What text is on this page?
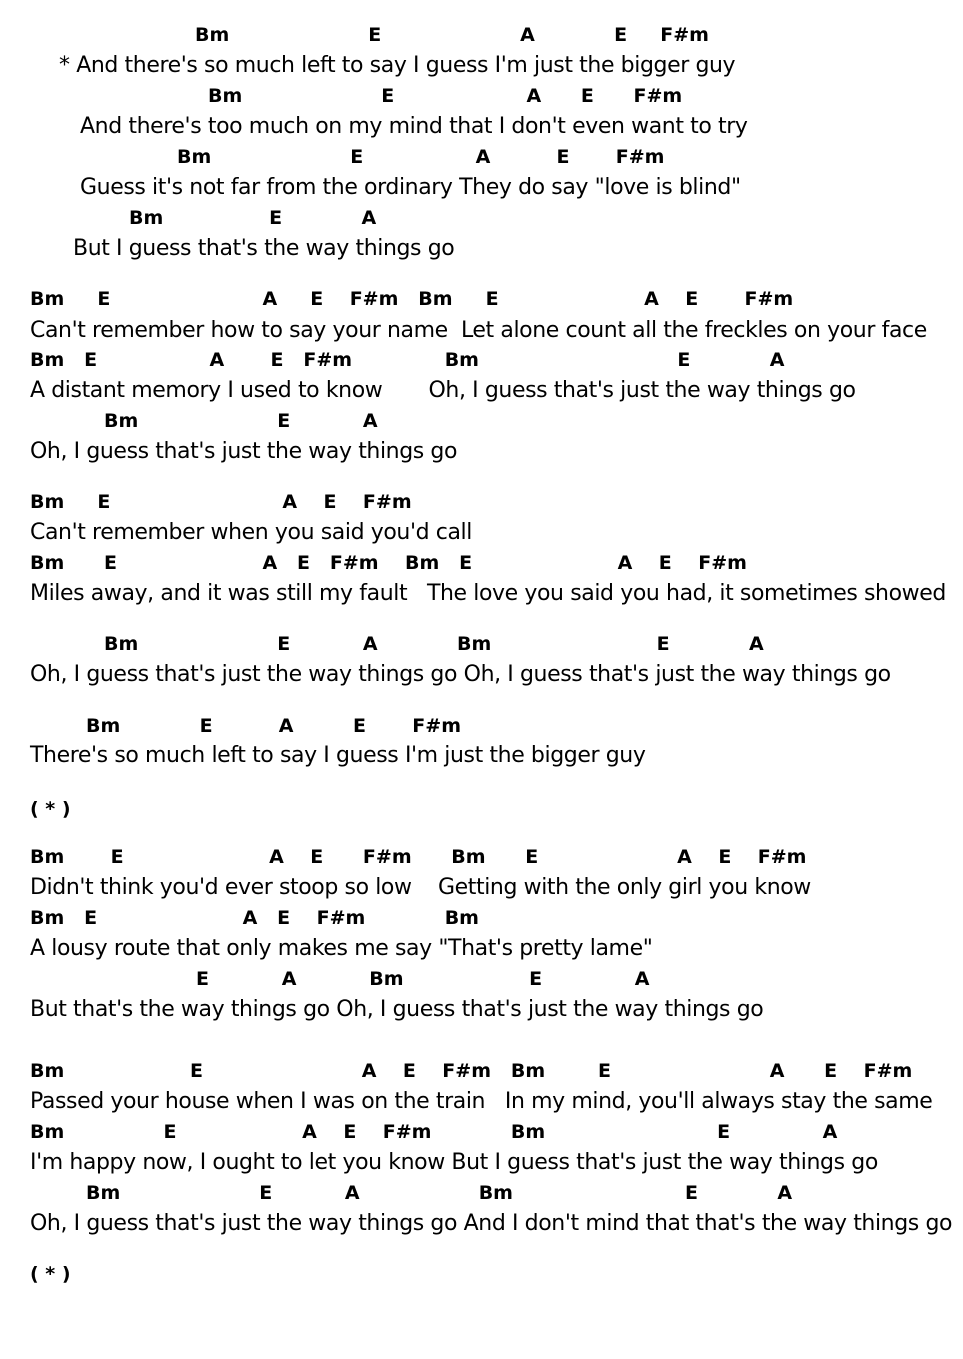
Bm                     E                     A            E     F#m
* And there's so much left to say I guess I'm just the bigger guy
Bm                     E                    A      E      F#m
And there's too much on my mind that I don't even want to try
Bm                     E                 A          E       F#m
Guess it's not far from the ordinary They do say "love is blind"
Bm                E            A
But I guess that's the way things go
Bm     E                       A     E    F#m   Bm     E                      A    E       F#m
Can't remember how to say your name  Let alone count all the freckles on your face
Bm   E                 A       E   F#m              Bm                              E            A
A distant memory I used to know       Oh, I guess that's just the way things go
Bm                     E           A
Oh, I guess that's just the way things go
Bm     E                          A    E    F#m
Can't remember when you said you'd call
Bm      E                      A   E   F#m    Bm   E                      A    E    F#m
Miles away, and it was still my fault   The love you said you had, it sometimes showed
Bm                     E           A            Bm                         E            A
Oh, I guess that's just the way things go Oh, I guess that's just the way things go
Bm            E          A         E       F#m
There's so much left to say I guess I'm just the bigger guy
( * )
Bm       E                      A    E      F#m      Bm      E                     A    E    F#m
Didn't think you'd ever stoop so low    Getting with the only girl you know
Bm   E                      A   E    F#m            Bm
A lousy route that only makes me say "That's pretty lame"
E           A           Bm                   E              A
But that's the way things go Oh, I guess that's just the way things go
Bm                   E                        A    E    F#m   Bm        E                        A      E    F#m
Passed your house when I was on the train   In my mind, you'll always stay the same
Bm               E                   A    E    F#m            Bm                          E              A
I'm happy now, I ought to let you know But I guess that's just the way things go
Bm                     E           A                  Bm                          E            A
Oh, I guess that's just the way things go And I don't mind that that's the way things go
( * )
